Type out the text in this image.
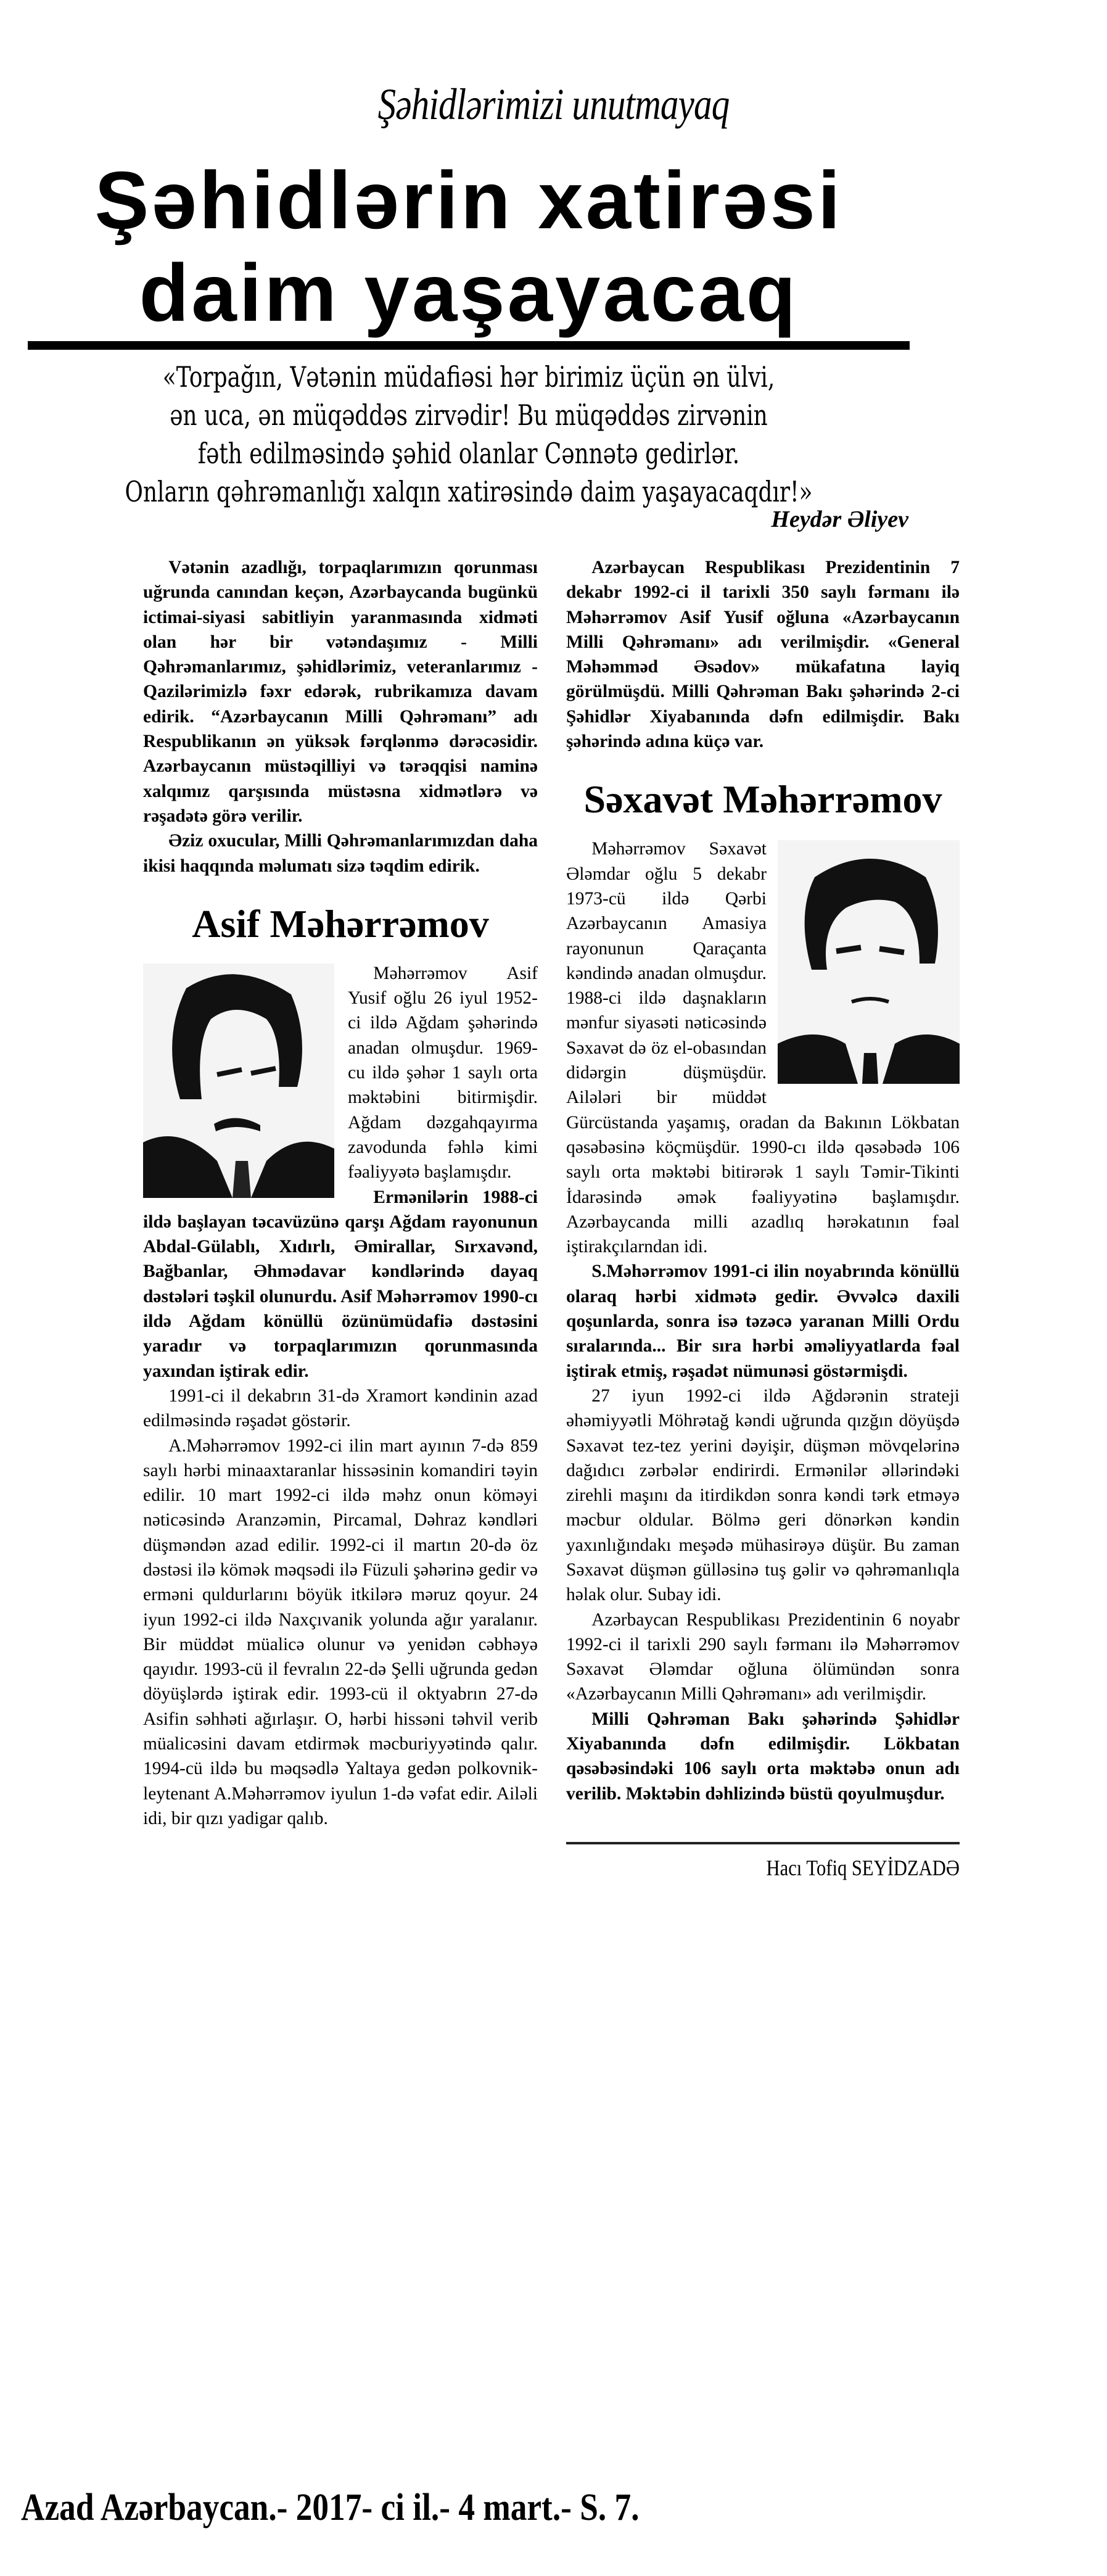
Şəhidlərimizi unutmayaq
Şəhidlərin xatirəsi
daim yaşayacaq
«Torpağın, Vətənin müdafiəsi hər birimiz üçün ən ülvi,
ən uca, ən müqəddəs zirvədir! Bu müqəddəs zirvənin
fəth edilməsində şəhid olanlar Cənnətə gedirlər.
Onların qəhrəmanlığı xalqın xatirəsində daim yaşayacaqdır!»
Heydər Əliyev

Vətənin azadlığı, torpaqlarımızın qorunması uğrunda canından keçən, Azərbaycanda bugünkü ictimai-siyasi sabitliyin yaranmasında xidməti olan hər bir vətəndaşımız - Milli Qəhrəmanlarımız, şəhidlərimiz, veteranlarımız - Qazilərimizlə fəxr edərək, rubrikamıza davam edirik. “Azərbaycanın Milli Qəhrəmanı” adı Respublikanın ən yüksək fərqlənmə dərəcəsidir. Azərbaycanın müstəqilliyi və tərəqqisi naminə xalqımız qarşısında müstəsna xidmətlərə və rəşadətə görə verilir.

Əziz oxucular, Milli Qəhrəmanlarımızdan daha ikisi haqqında məlumatı sizə təqdim edirik.

Asif Məhərrəmov

Məhərrəmov Asif Yusif oğlu 26 iyul 1952-ci ildə Ağdam şəhərində anadan olmuşdur. 1969-cu ildə şəhər 1 saylı orta məktəbini bitirmişdir. Ağdam dəzgahqayırma zavodunda fəhlə kimi fəaliyyətə başlamışdır.

Ermənilərin 1988-ci ildə başlayan təcavüzünə qarşı Ağdam rayonunun Abdal-Gülablı, Xıdırlı, Əmirallar, Sırxavənd, Bağbanlar, Əhmədavar kəndlərində dayaq dəstələri təşkil olunurdu. Asif Məhərrəmov 1990-cı ildə Ağdam könüllü özünümüdafiə dəstəsini yaradır və torpaqlarımızın qorunmasında yaxından iştirak edir.

1991-ci il dekabrın 31-də Xramort kəndinin azad edilməsində rəşadət göstərir.

A.Məhərrəmov 1992-ci ilin mart ayının 7-də 859 saylı hərbi minaaxtaranlar hissəsinin komandiri təyin edilir. 10 mart 1992-ci ildə məhz onun köməyi nəticəsində Aranzəmin, Pircamal, Dəhraz kəndləri düşməndən azad edilir. 1992-ci il martın 20-də öz dəstəsi ilə kömək məqsədi ilə Füzuli şəhərinə gedir və erməni quldurlarını böyük itkilərə məruz qoyur. 24 iyun 1992-ci ildə Naxçıvanik yolunda ağır yaralanır. Bir müddət müalicə olunur və yenidən cəbhəyə qayıdır. 1993-cü il fevralın 22-də Şelli uğrunda gedən döyüşlərdə iştirak edir. 1993-cü il oktyabrın 27-də Asifin səhhəti ağırlaşır. O, hərbi hissəni təhvil verib müalicəsini davam etdirmək məcburiyyətində qalır. 1994-cü ildə bu məqsədlə Yaltaya gedən polkovnik-leytenant A.Məhərrəmov iyulun 1-də vəfat edir. Ailəli idi, bir qızı yadigar qalıb.

Azərbaycan Respublikası Prezidentinin 7 dekabr 1992-ci il tarixli 350 saylı fərmanı ilə Məhərrəmov Asif Yusif oğluna «Azərbaycanın Milli Qəhrəmanı» adı verilmişdir. «General Məhəmməd Əsədov» mükafatına layiq görülmüşdü. Milli Qəhrəman Bakı şəhərində 2-ci Şəhidlər Xiyabanında dəfn edilmişdir. Bakı şəhərində adına küçə var.

Səxavət Məhərrəmov

Məhərrəmov Səxavət Ələmdar oğlu 5 dekabr 1973-cü ildə Qərbi Azərbaycanın Amasiya rayonunun Qaraçanta kəndində anadan olmuşdur. 1988-ci ildə daşnakların mənfur siyasəti nəticəsində Səxavət də öz el-obasından didərgin düşmüşdür. Ailələri bir müddət Gürcüstanda yaşamış, oradan da Bakının Lökbatan qəsəbəsinə köçmüşdür. 1990-cı ildə qəsəbədə 106 saylı orta məktəbi bitirərək 1 saylı Təmir-Tikinti İdarəsində əmək fəaliyyətinə başlamışdır. Azərbaycanda milli azadlıq hərəkatının fəal iştirakçılarndan idi.

S.Məhərrəmov 1991-ci ilin noyabrında könüllü olaraq hərbi xidmətə gedir. Əvvəlcə daxili qoşunlarda, sonra isə təzəcə yaranan Milli Ordu sıralarında... Bir sıra hərbi əməliyyatlarda fəal iştirak etmiş, rəşadət nümunəsi göstərmişdi.

27 iyun 1992-ci ildə Ağdərənin strateji əhəmiyyətli Möhrətağ kəndi uğrunda qızğın döyüşdə Səxavət tez-tez yerini dəyişir, düşmən mövqelərinə dağıdıcı zərbələr endirirdi. Ermənilər əllərindəki zirehli maşını da itirdikdən sonra kəndi tərk etməyə məcbur oldular. Bölmə geri dönərkən kəndin yaxınlığındakı meşədə mühasirəyə düşür. Bu zaman Səxavət düşmən gülləsinə tuş gəlir və qəhrəmanlıqla həlak olur. Subay idi.

Azərbaycan Respublikası Prezidentinin 6 noyabr 1992-ci il tarixli 290 saylı fərmanı ilə Məhərrəmov Səxavət Ələmdar oğluna ölümündən sonra «Azərbaycanın Milli Qəhrəmanı» adı verilmişdir.

Milli Qəhrəman Bakı şəhərində Şəhidlər Xiyabanında dəfn edilmişdir. Lökbatan qəsəbəsindəki 106 saylı orta məktəbə onun adı verilib. Məktəbin dəhlizində büstü qoyulmuşdur.

Hacı Tofiq SEYİDZADƏ
Azad Azərbaycan.- 2017- ci il.- 4 mart.- S. 7.
